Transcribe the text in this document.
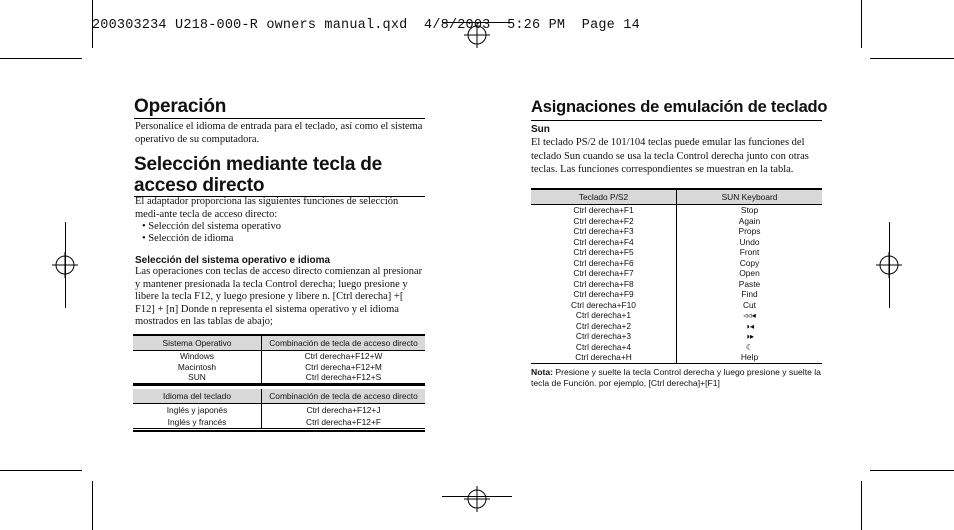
200303234 U218-000-R owners manual.qxd  4/8/2003  5:26 PM  Page 14
Operación
Personalice el idioma de entrada para el teclado, así como el sistema operativo de su computadora.
Selección mediante tecla de
acceso directo
El adaptador proporciona las siguientes funciones de selección medi-ante tecla de acceso directo:
• Selección del sistema operativo
• Selección de idioma
Selección del sistema operativo e idioma
Las operaciones con teclas de acceso directo comienzan al presionar y mantener presionada la tecla Control derecha; luego presione y libere la tecla F12, y luego presione y libere n. [Ctrl derecha] +[ F12] + [n] Donde n representa el sistema operativo y el idioma mostrados en las tablas de abajo;
Sistema Operativo	Combinación de tecla de acceso directo
Windows	Ctrl derecha+F12+W
Macintosh	Ctrl derecha+F12+M
SUN	Ctrl derecha+F12+S
Idioma del teclado	Combinación de tecla de acceso directo
Inglés y japonés	Ctrl derecha+F12+J
Inglés y francés	Ctrl derecha+F12+F
Asignaciones de emulación de teclado
Sun
El teclado PS/2 de 101/104 teclas puede emular las funciones del teclado Sun cuando se usa la tecla Control derecha junto con otras teclas. Las funciones correspondientes se muestran en la tabla.
Teclado P/S2	SUN Keyboard
Ctrl derecha+F1	Stop
Ctrl derecha+F2	Again
Ctrl derecha+F3	Props
Ctrl derecha+F4	Undo
Ctrl derecha+F5	Front
Ctrl derecha+F6	Copy
Ctrl derecha+F7	Open
Ctrl derecha+F8	Paste
Ctrl derecha+F9	Find
Ctrl derecha+F10	Cut
Ctrl derecha+1	◃◃◂
Ctrl derecha+2	◑◂
Ctrl derecha+3	◑▸
Ctrl derecha+4	☾
Ctrl derecha+H	Help
Nota: Presione y suelte la tecla Control derecha y luego presione y suelte la tecla de Función. por ejemplo, [Ctrl derecha]+[F1]
